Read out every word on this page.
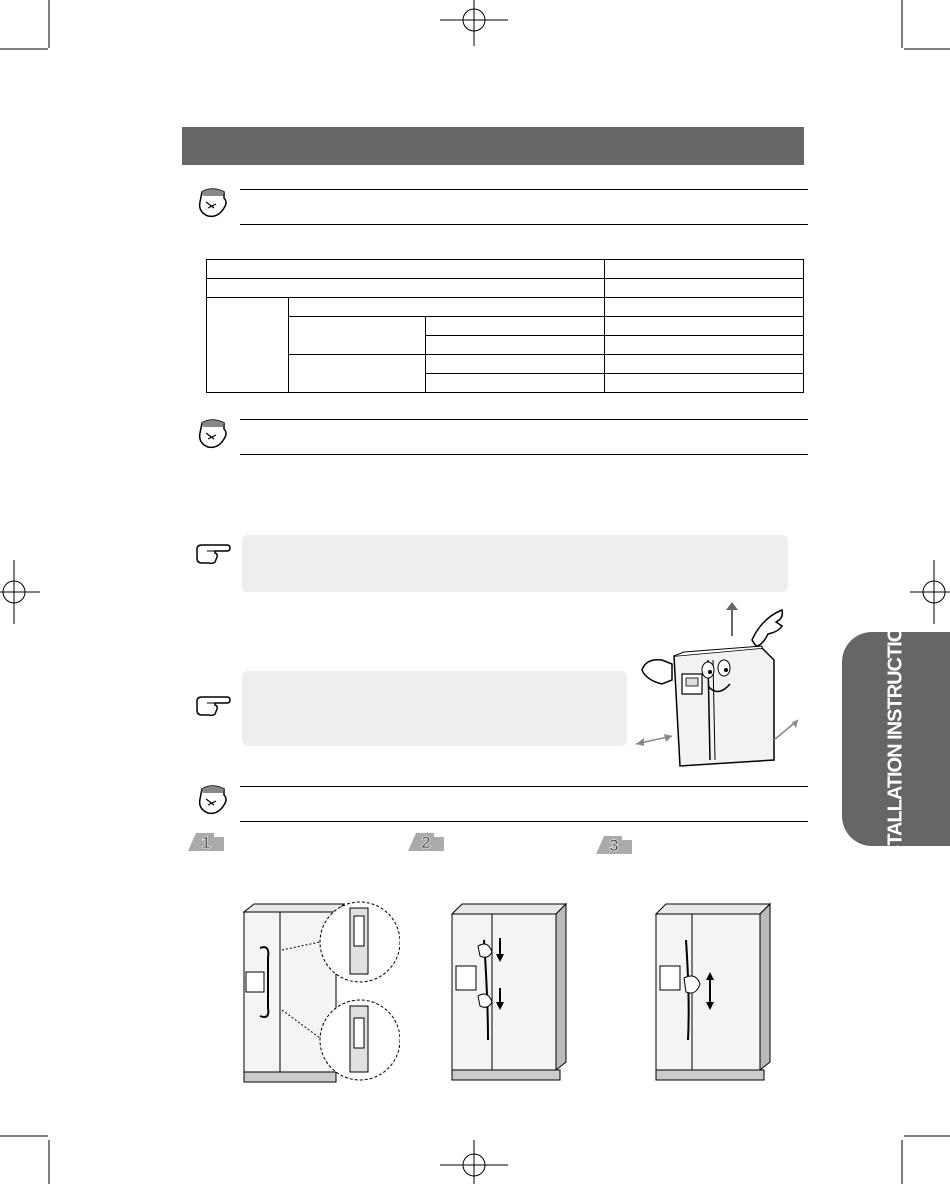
1	2	3	INSTALLATION INSTRUCTIONS
